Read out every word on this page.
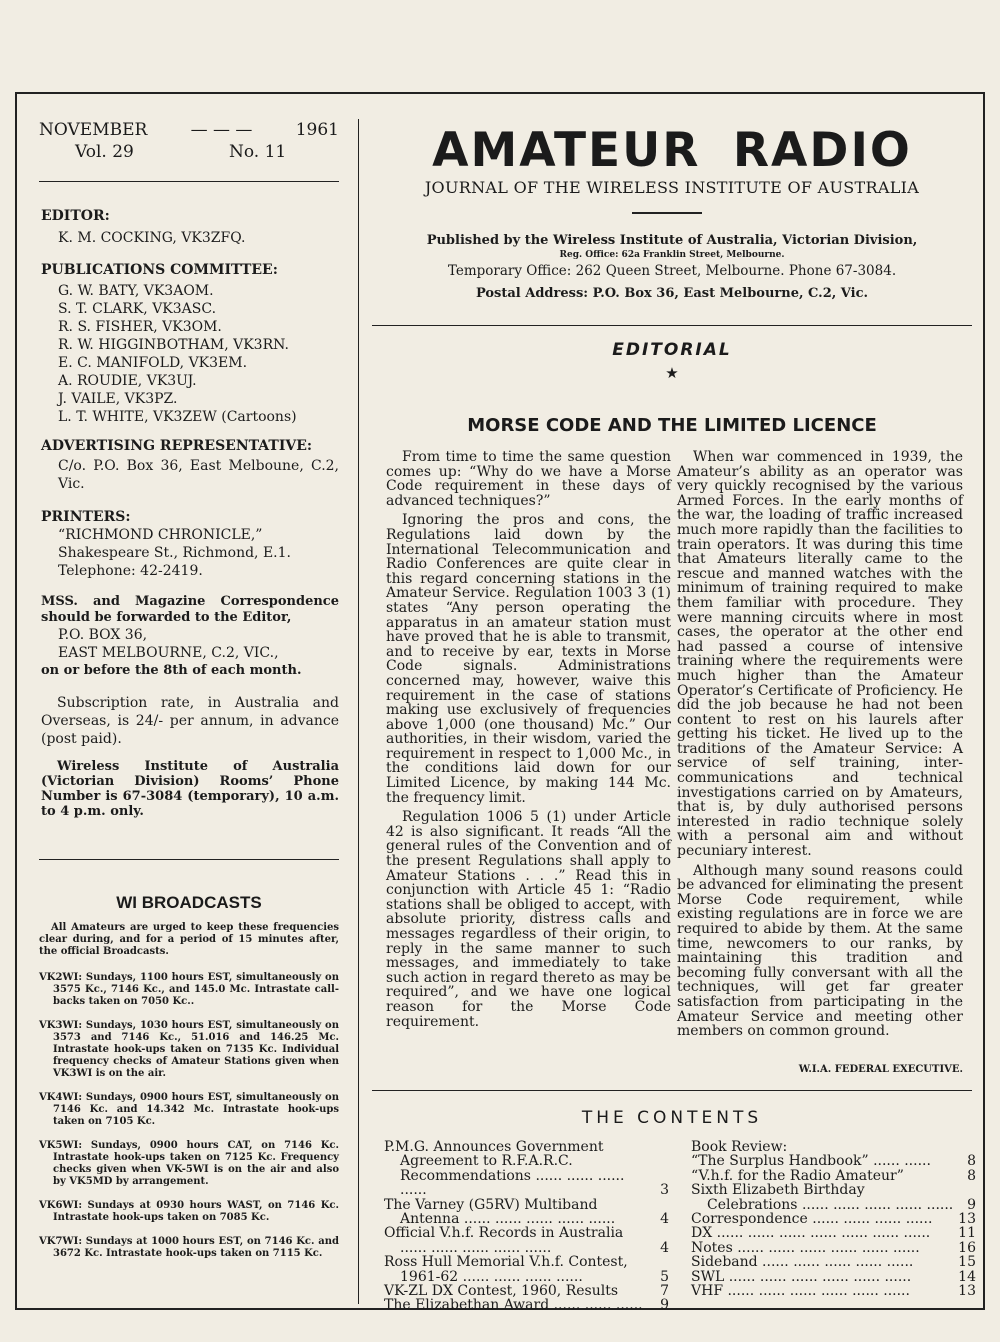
NOVEMBER	— — —	1961
Vol. 29	No. 11

EDITOR:

K. M. COCKING, VK3ZFQ.

PUBLICATIONS COMMITTEE:

G. W. BATY, VK3AOM.

S. T. CLARK, VK3ASC.

R. S. FISHER, VK3OM.

R. W. HIGGINBOTHAM, VK3RN.

E. C. MANIFOLD, VK3EM.

A. ROUDIE, VK3UJ.

J. VAILE, VK3PZ.

L. T. WHITE, VK3ZEW (Cartoons)

ADVERTISING REPRESENTATIVE:

C/o. P.O. Box 36, East Melboune, C.2, Vic.

PRINTERS:

“RICHMOND CHRONICLE,”

Shakespeare St., Richmond, E.1.

Telephone: 42-2419.

MSS. and Magazine Correspondence should be forwarded to the Editor,

P.O. BOX 36,

EAST MELBOURNE, C.2, VIC.,

on or before the 8th of each month.

Subscription rate, in Australia and Overseas, is 24/- per annum, in advance (post paid).

Wireless Institute of Australia (Victorian Division) Rooms’ Phone Number is 67-3084 (temporary), 10 a.m. to 4 p.m. only.

WI BROADCASTS

All Amateurs are urged to keep these frequencies clear during, and for a period of 15 minutes after, the official Broadcasts.

VK2WI: Sundays, 1100 hours EST, simultaneously on 3575 Kc., 7146 Kc., and 145.0 Mc. Intrastate call-backs taken on 7050 Kc..

VK3WI: Sundays, 1030 hours EST, simultaneously on 3573 and 7146 Kc., 51.016 and 146.25 Mc. Intrastate hook-ups taken on 7135 Kc. Individual frequency checks of Amateur Stations given when VK3WI is on the air.

VK4WI: Sundays, 0900 hours EST, simultaneously on 7146 Kc. and 14.342 Mc. Intrastate hook-ups taken on 7105 Kc.

VK5WI: Sundays, 0900 hours CAT, on 7146 Kc. Intrastate hook-ups taken on 7125 Kc. Frequency checks given when VK-5WI is on the air and also by VK5MD by arrangement.

VK6WI: Sundays at 0930 hours WAST, on 7146 Kc. Intrastate hook-ups taken on 7085 Kc.

VK7WI: Sundays at 1000 hours EST, on 7146 Kc. and 3672 Kc. Intrastate hook-ups taken on 7115 Kc.

AMATEUR RADIO

JOURNAL OF THE WIRELESS INSTITUTE OF AUSTRALIA

Published by the Wireless Institute of Australia, Victorian Division,

Reg. Office: 62a Franklin Street, Melbourne.

Temporary Office: 262 Queen Street, Melbourne. Phone 67-3084.

Postal Address: P.O. Box 36, East Melbourne, C.2, Vic.

EDITORIAL

★

MORSE CODE AND THE LIMITED LICENCE

From time to time the same question comes up: “Why do we have a Morse Code requirement in these days of advanced techniques?”

Ignoring the pros and cons, the Regulations laid down by the International Telecommunication and Radio Conferences are quite clear in this regard concerning stations in the Amateur Service. Regulation 1003 3 (1) states “Any person operating the apparatus in an amateur station must have proved that he is able to transmit, and to receive by ear, texts in Morse Code signals. Administrations concerned may, however, waive this requirement in the case of stations making use exclusively of frequencies above 1,000 (one thousand) Mc.” Our authorities, in their wisdom, varied the requirement in respect to 1,000 Mc., in the conditions laid down for our Limited Licence, by making 144 Mc. the frequency limit.

Regulation 1006 5 (1) under Article 42 is also significant. It reads “All the general rules of the Convention and of the present Regulations shall apply to Amateur Stations . . .” Read this in conjunction with Article 45 1: “Radio stations shall be obliged to accept, with absolute priority, distress calls and messages regardless of their origin, to reply in the same manner to such messages, and immediately to take such action in regard thereto as may be required”, and we have one logical reason for the Morse Code requirement.

When war commenced in 1939, the Amateur’s ability as an operator was very quickly recognised by the various Armed Forces. In the early months of the war, the loading of traffic increased much more rapidly than the facilities to train operators. It was during this time that Amateurs literally came to the rescue and manned watches with the minimum of training required to make them familiar with procedure. They were manning circuits where in most cases, the operator at the other end had passed a course of intensive training where the requirements were much higher than the Amateur Operator’s Certificate of Proficiency. He did the job because he had not been content to rest on his laurels after getting his ticket. He lived up to the traditions of the Amateur Service: A service of self training, inter-communications and technical investigations carried on by Amateurs, that is, by duly authorised persons interested in radio technique solely with a personal aim and without pecuniary interest.

Although many sound reasons could be advanced for eliminating the present Morse Code requirement, while existing regulations are in force we are required to abide by them. At the same time, newcomers to our ranks, by maintaining this tradition and becoming fully conversant with all the techniques, will get far greater satisfaction from participating in the Amateur Service and meeting other members on common ground.

W.I.A. FEDERAL EXECUTIVE.

THE CONTENTS

P.M.G. Announces Government Agreement to R.F.A.R.C. Recommendations ...... ...... ...... ......	3
The Varney (G5RV) Multiband Antenna ...... ...... ...... ...... ......	4
Official V.h.f. Records in Australia ...... ...... ...... ...... ......	4
Ross Hull Memorial V.h.f. Contest, 1961-62 ...... ...... ...... ......	5
VK-ZL DX Contest, 1960, Results	7
The Elizabethan Award ...... ...... ......	9

Book Review:

“The Surplus Handbook” ...... ......	8
“V.h.f. for the Radio Amateur”	8
Sixth Elizabeth Birthday Celebrations ...... ...... ...... ...... ...... 9
Correspondence ...... ...... ...... ......	13
DX ...... ...... ...... ...... ...... ...... ......	11
Notes ...... ...... ...... ...... ...... ......	16
Sideband ...... ...... ...... ...... ......	15
SWL ...... ...... ...... ...... ...... ......	14
VHF ...... ...... ...... ...... ...... ......	13
